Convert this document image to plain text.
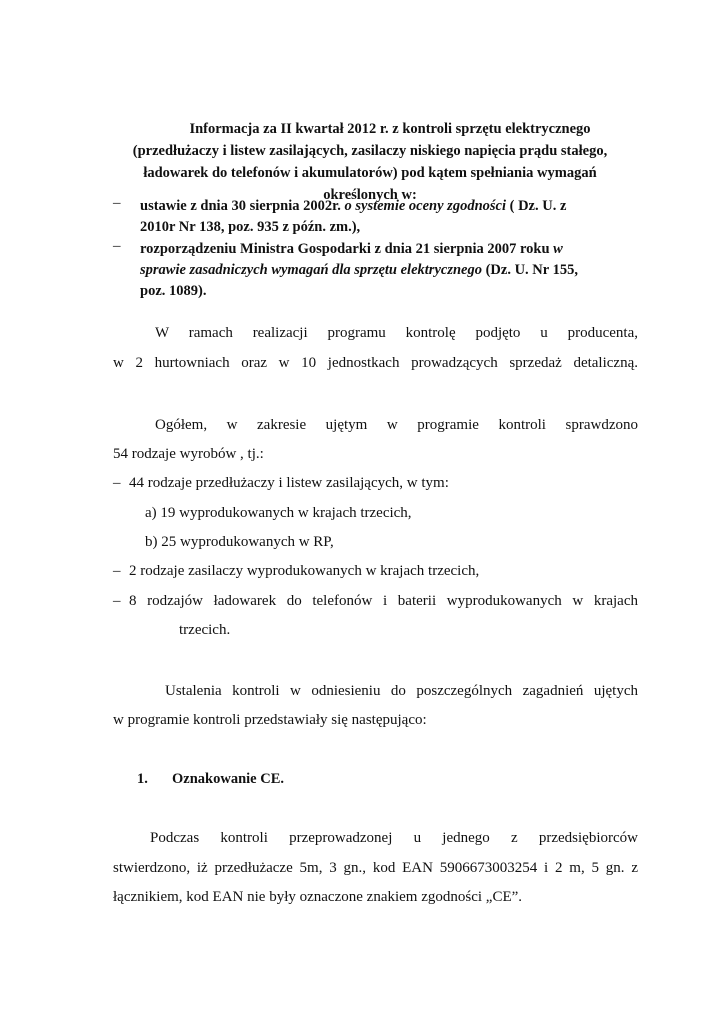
Informacja za II kwartał 2012 r. z kontroli sprzętu elektrycznego
(przedłużaczy i listew zasilających, zasilaczy niskiego napięcia prądu stałego,
ładowarek do telefonów i akumulatorów) pod kątem spełniania wymagań
określonych w:
– ustawie z dnia 30 sierpnia 2002r. o systemie oceny zgodności ( Dz. U. z
2010r Nr 138, poz. 935 z późn. zm.),
– rozporządzeniu Ministra Gospodarki z dnia 21 sierpnia 2007 roku w
sprawie zasadniczych wymagań dla sprzętu elektrycznego (Dz. U. Nr 155,
poz. 1089).
W ramach realizacji programu kontrolę podjęto u producenta,
w 2 hurtowniach oraz w 10 jednostkach prowadzących sprzedaż detaliczną.
Ogółem, w zakresie ujętym w programie kontroli sprawdzono
54 rodzaje wyrobów , tj.:
– 44 rodzaje przedłużaczy i listew zasilających, w tym:
a) 19 wyprodukowanych w krajach trzecich,
b) 25 wyprodukowanych w RP,
– 2 rodzaje zasilaczy wyprodukowanych w krajach trzecich,
– 8 rodzajów ładowarek do telefonów i baterii wyprodukowanych w krajach
trzecich.
Ustalenia kontroli w odniesieniu do poszczególnych zagadnień ujętych
w programie kontroli przedstawiały się następująco:
1. Oznakowanie CE.
Podczas kontroli przeprowadzonej u jednego z przedsiębiorców
stwierdzono, iż przedłużacze 5m, 3 gn., kod EAN 5906673003254 i 2 m, 5 gn. z
łącznikiem, kod EAN nie były oznaczone znakiem zgodności „CE”.
